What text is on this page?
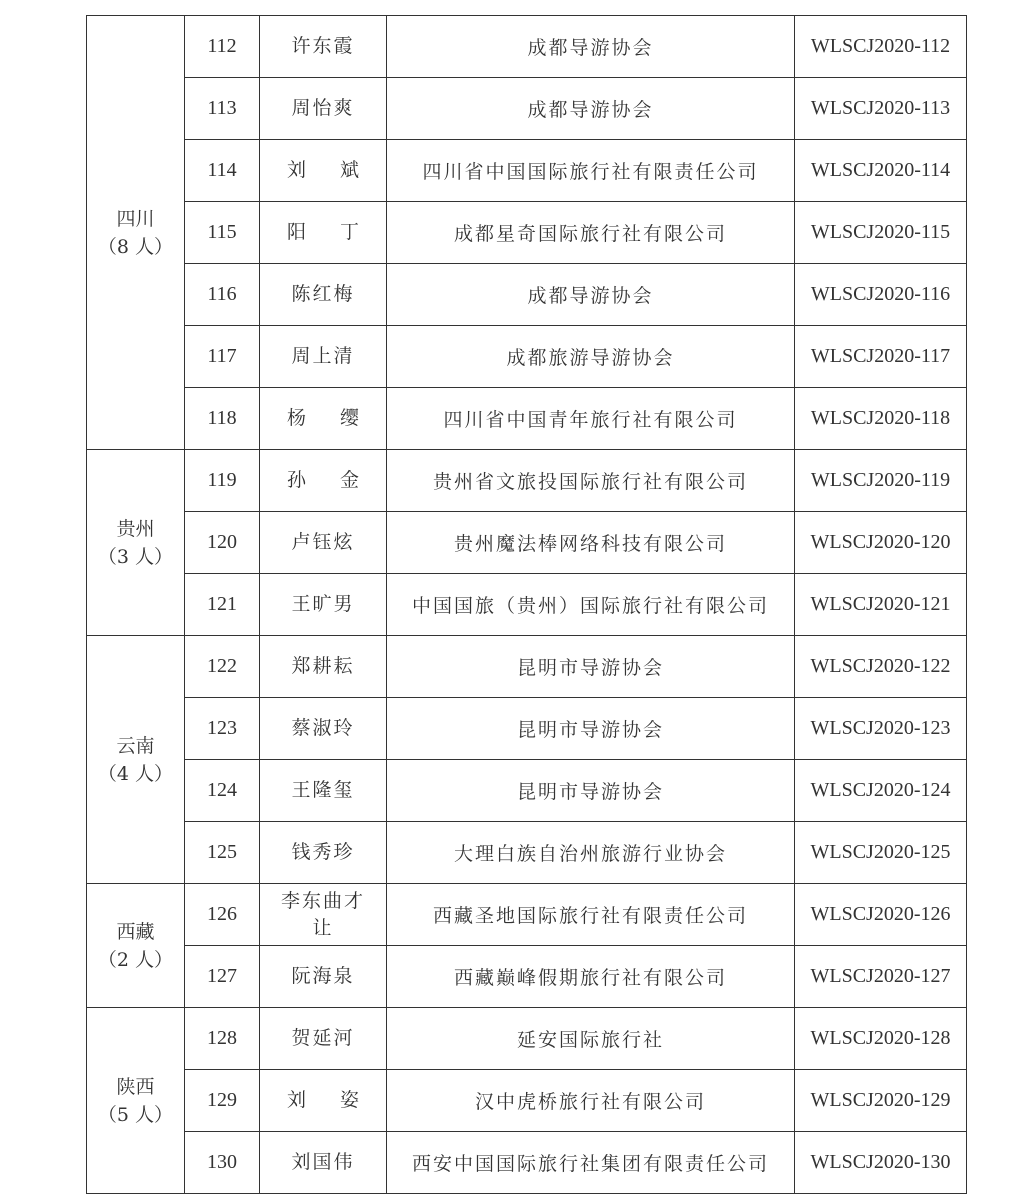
四川
（8 人）	112	许东霞	成都导游协会	WLSCJ2020-112
	113	周怡爽	成都导游协会	WLSCJ2020-113
	114	刘 斌	四川省中国国际旅行社有限责任公司	WLSCJ2020-114
	115	阳 丁	成都星奇国际旅行社有限公司	WLSCJ2020-115
	116	陈红梅	成都导游协会	WLSCJ2020-116
	117	周上清	成都旅游导游协会	WLSCJ2020-117
	118	杨 缨	四川省中国青年旅行社有限公司	WLSCJ2020-118

贵州
（3 人）	119	孙 金	贵州省文旅投国际旅行社有限公司	WLSCJ2020-119
	120	卢钰炫	贵州魔法棒网络科技有限公司	WLSCJ2020-120
	121	王旷男	中国国旅（贵州）国际旅行社有限公司	WLSCJ2020-121

云南
（4 人）	122	郑耕耘	昆明市导游协会	WLSCJ2020-122
	123	蔡淑玲	昆明市导游协会	WLSCJ2020-123
	124	王隆玺	昆明市导游协会	WLSCJ2020-124
	125	钱秀珍	大理白族自治州旅游行业协会	WLSCJ2020-125

西藏
（2 人）	126	李东曲才让	西藏圣地国际旅行社有限责任公司	WLSCJ2020-126
	127	阮海泉	西藏巅峰假期旅行社有限公司	WLSCJ2020-127

陕西
（5 人）	128	贺延河	延安国际旅行社	WLSCJ2020-128
	129	刘 姿	汉中虎桥旅行社有限公司	WLSCJ2020-129
	130	刘国伟	西安中国国际旅行社集团有限责任公司	WLSCJ2020-130
